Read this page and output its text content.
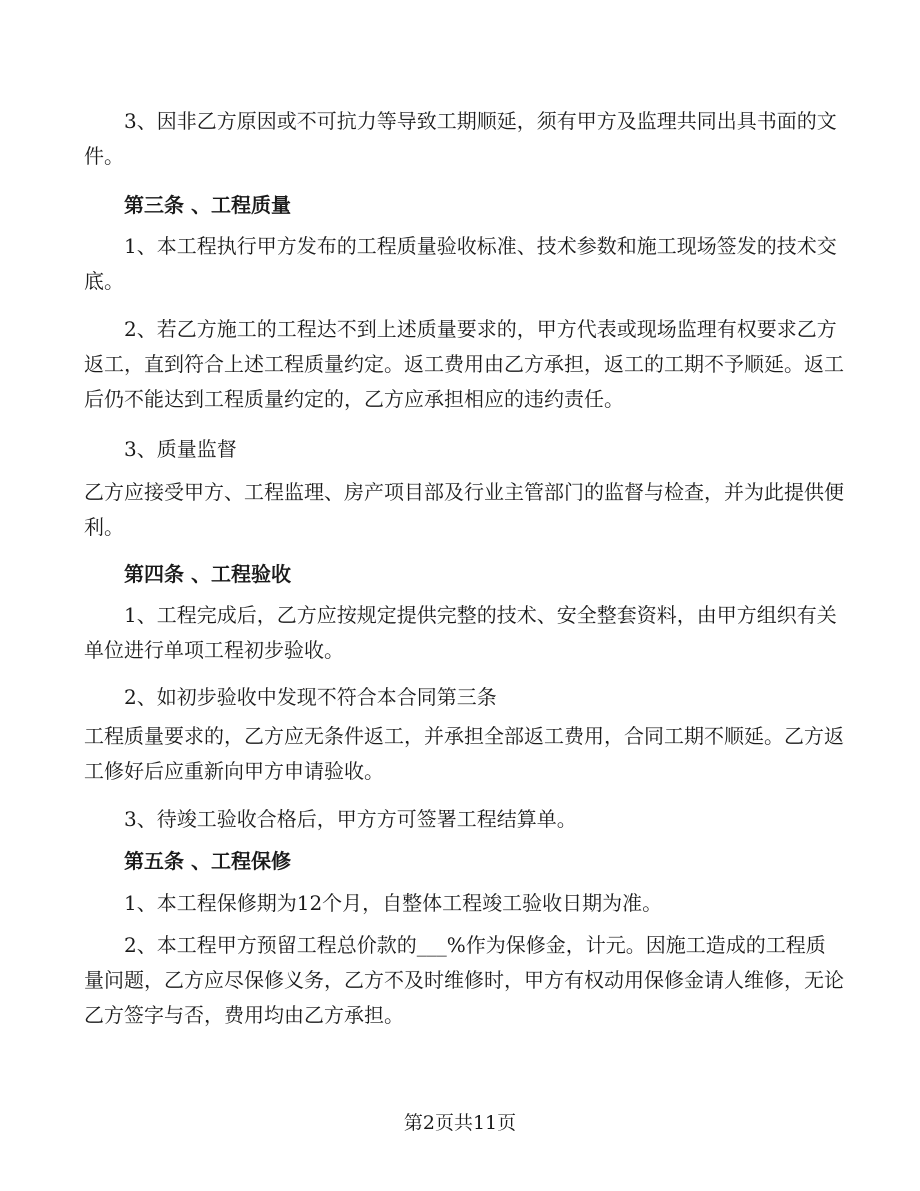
3、因非乙方原因或不可抗力等导致工期顺延，须有甲方及监理共同出具书面的文件。

第三条 、工程质量

1、本工程执行甲方发布的工程质量验收标准、技术参数和施工现场签发的技术交底。

2、若乙方施工的工程达不到上述质量要求的，甲方代表或现场监理有权要求乙方返工，直到符合上述工程质量约定。返工费用由乙方承担，返工的工期不予顺延。返工后仍不能达到工程质量约定的，乙方应承担相应的违约责任。

3、质量监督

乙方应接受甲方、工程监理、房产项目部及行业主管部门的监督与检查，并为此提供便利。

第四条 、工程验收

1、工程完成后，乙方应按规定提供完整的技术、安全整套资料，由甲方组织有关单位进行单项工程初步验收。

2、如初步验收中发现不符合本合同第三条

工程质量要求的，乙方应无条件返工，并承担全部返工费用，合同工期不顺延。乙方返工修好后应重新向甲方申请验收。

3、待竣工验收合格后，甲方方可签署工程结算单。

第五条 、工程保修

1、本工程保修期为12个月，自整体工程竣工验收日期为准。

2、本工程甲方预留工程总价款的___%作为保修金，计元。因施工造成的工程质量问题，乙方应尽保修义务，乙方不及时维修时，甲方有权动用保修金请人维修，无论乙方签字与否，费用均由乙方承担。

第2页共11页
